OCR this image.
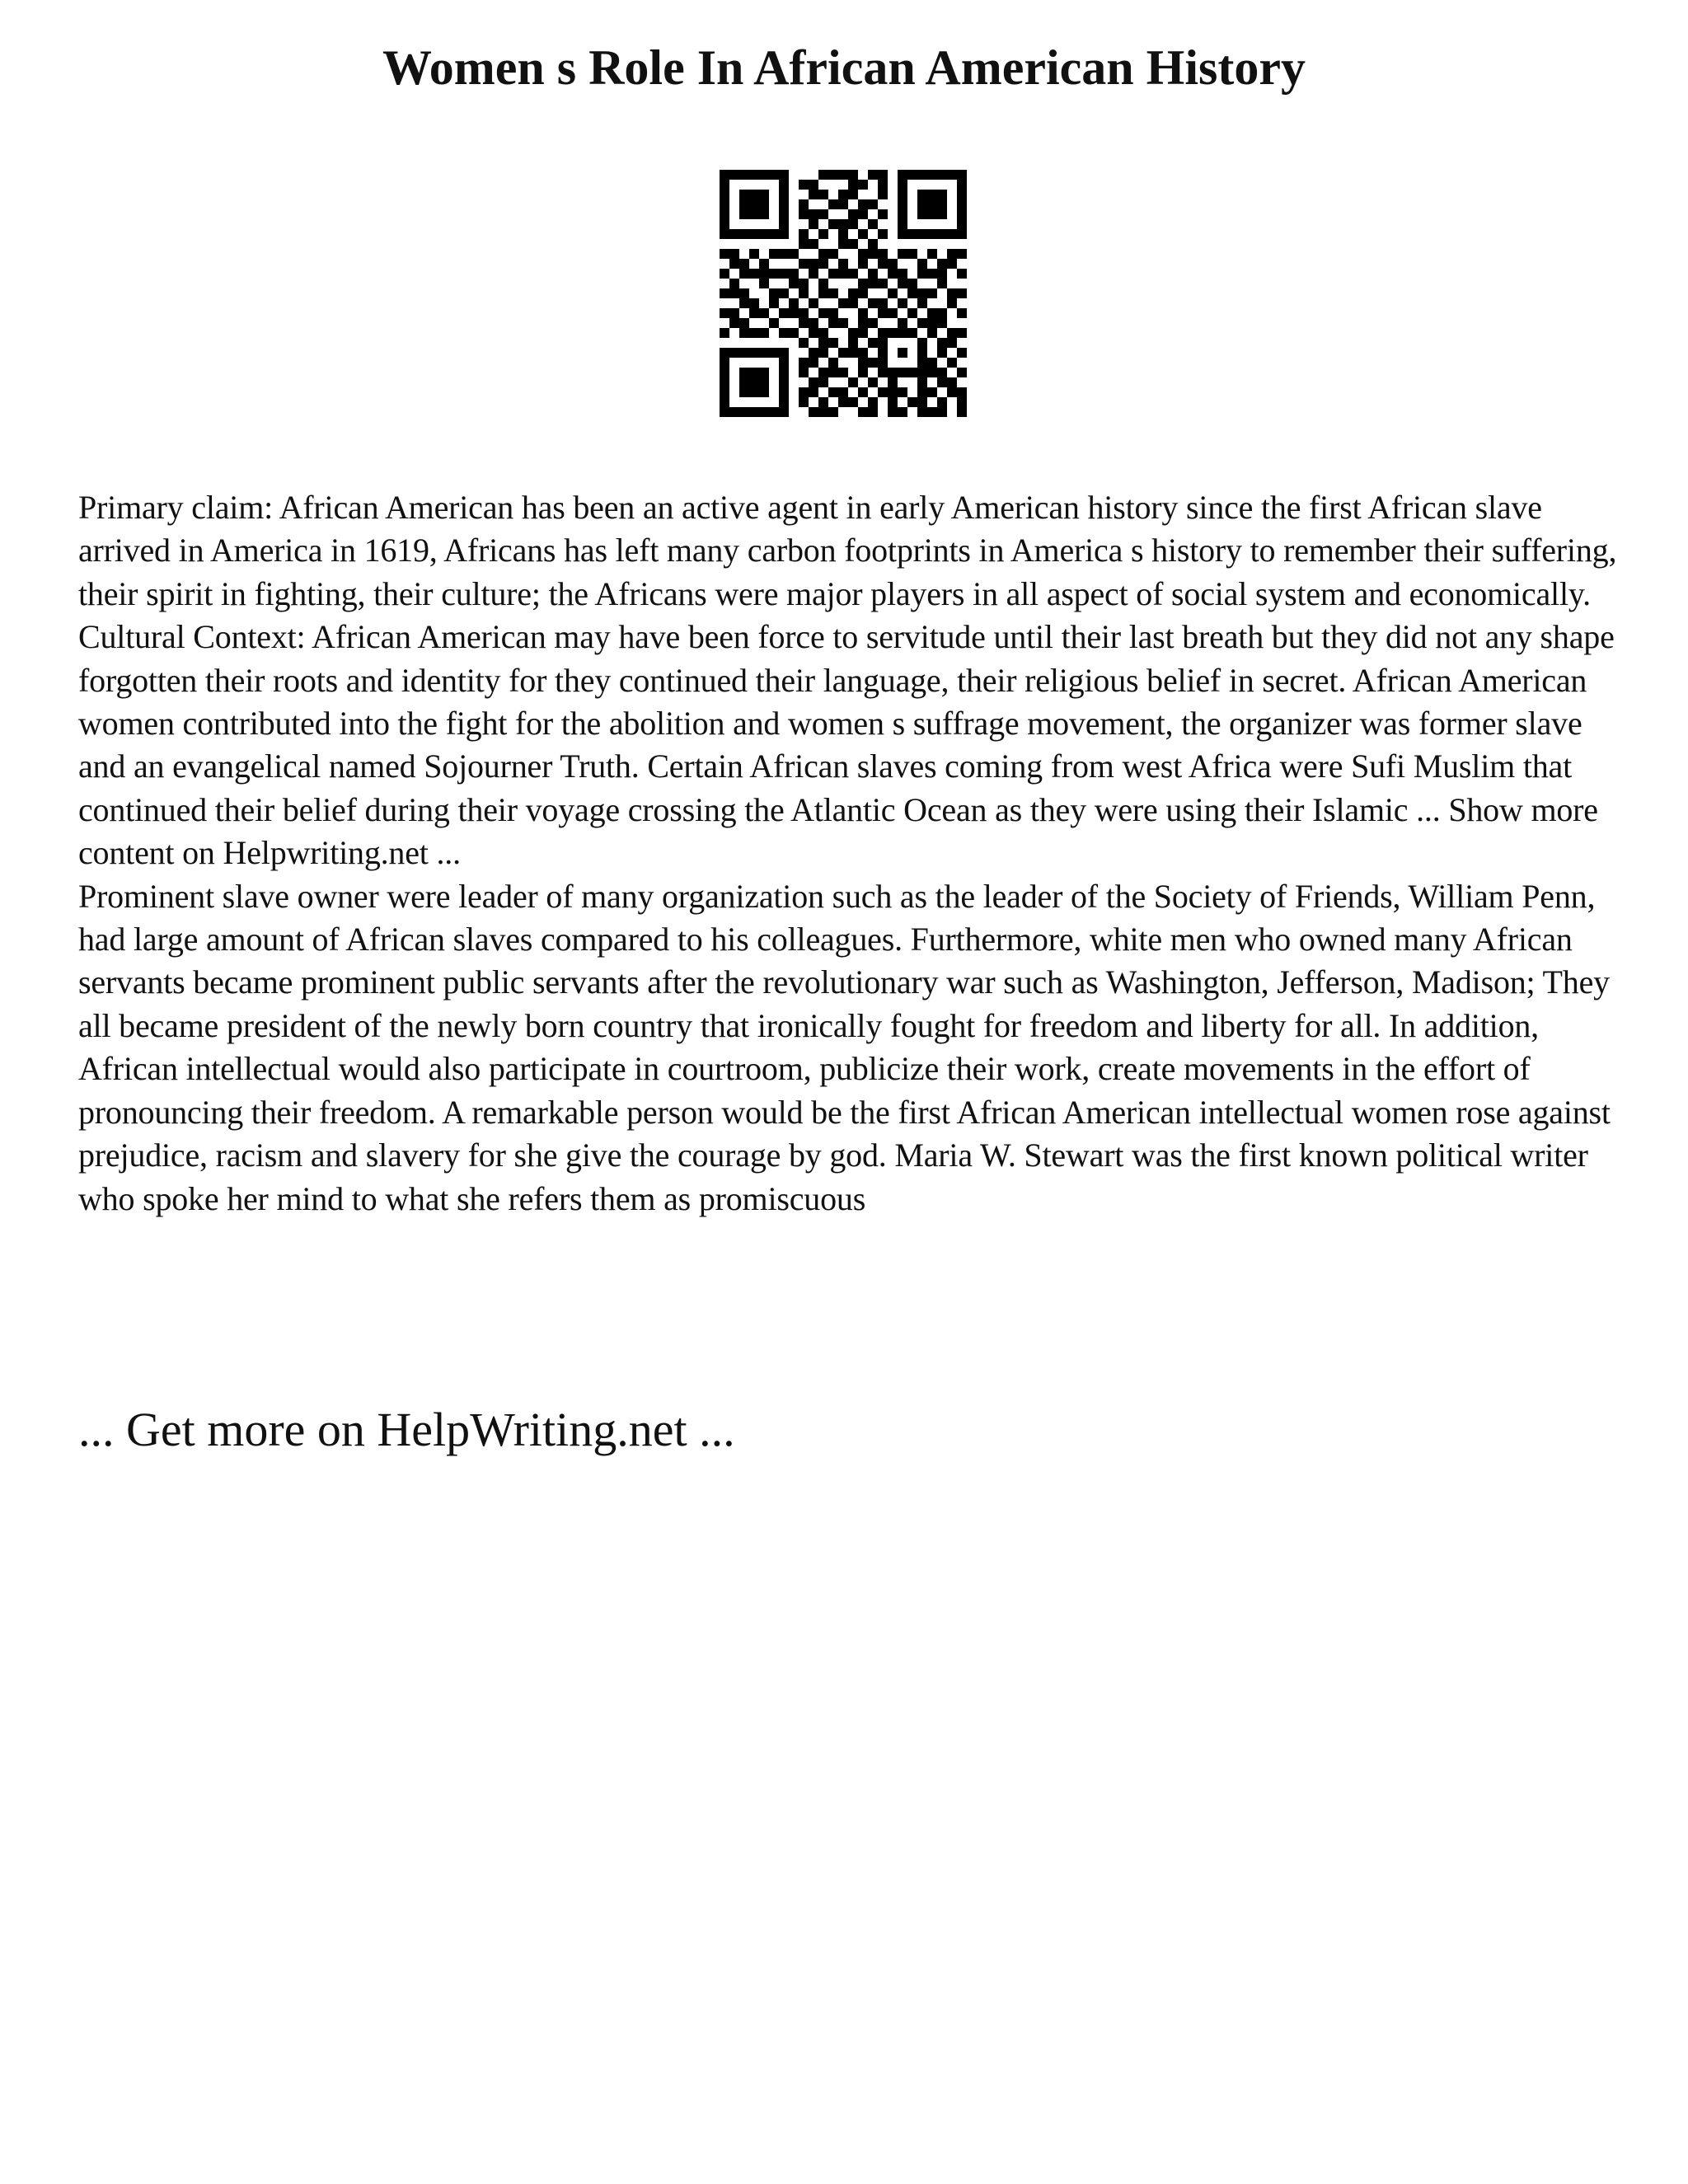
Women s Role In African American History

Primary claim: African American has been an active agent in early American history since the first African slave arrived in America in 1619, Africans has left many carbon footprints in America s history to remember their suffering, their spirit in fighting, their culture; the Africans were major players in all aspect of social system and economically.

Cultural Context: African American may have been force to servitude until their last breath but they did not any shape forgotten their roots and identity for they continued their language, their religious belief in secret. African American women contributed into the fight for the abolition and women s suffrage movement, the organizer was former slave and an evangelical named Sojourner Truth. Certain African slaves coming from west Africa were Sufi Muslim that continued their belief during their voyage crossing the Atlantic Ocean as they were using their Islamic ... Show more content on Helpwriting.net ...

Prominent slave owner were leader of many organization such as the leader of the Society of Friends, William Penn, had large amount of African slaves compared to his colleagues. Furthermore, white men who owned many African servants became prominent public servants after the revolutionary war such as Washington, Jefferson, Madison; They all became president of the newly born country that ironically fought for freedom and liberty for all. In addition, African intellectual would also participate in courtroom, publicize their work, create movements in the effort of pronouncing their freedom. A remarkable person would be the first African American intellectual women rose against prejudice, racism and slavery for she give the courage by god. Maria W. Stewart was the first known political writer who spoke her mind to what she refers them as promiscuous

... Get more on HelpWriting.net ...
